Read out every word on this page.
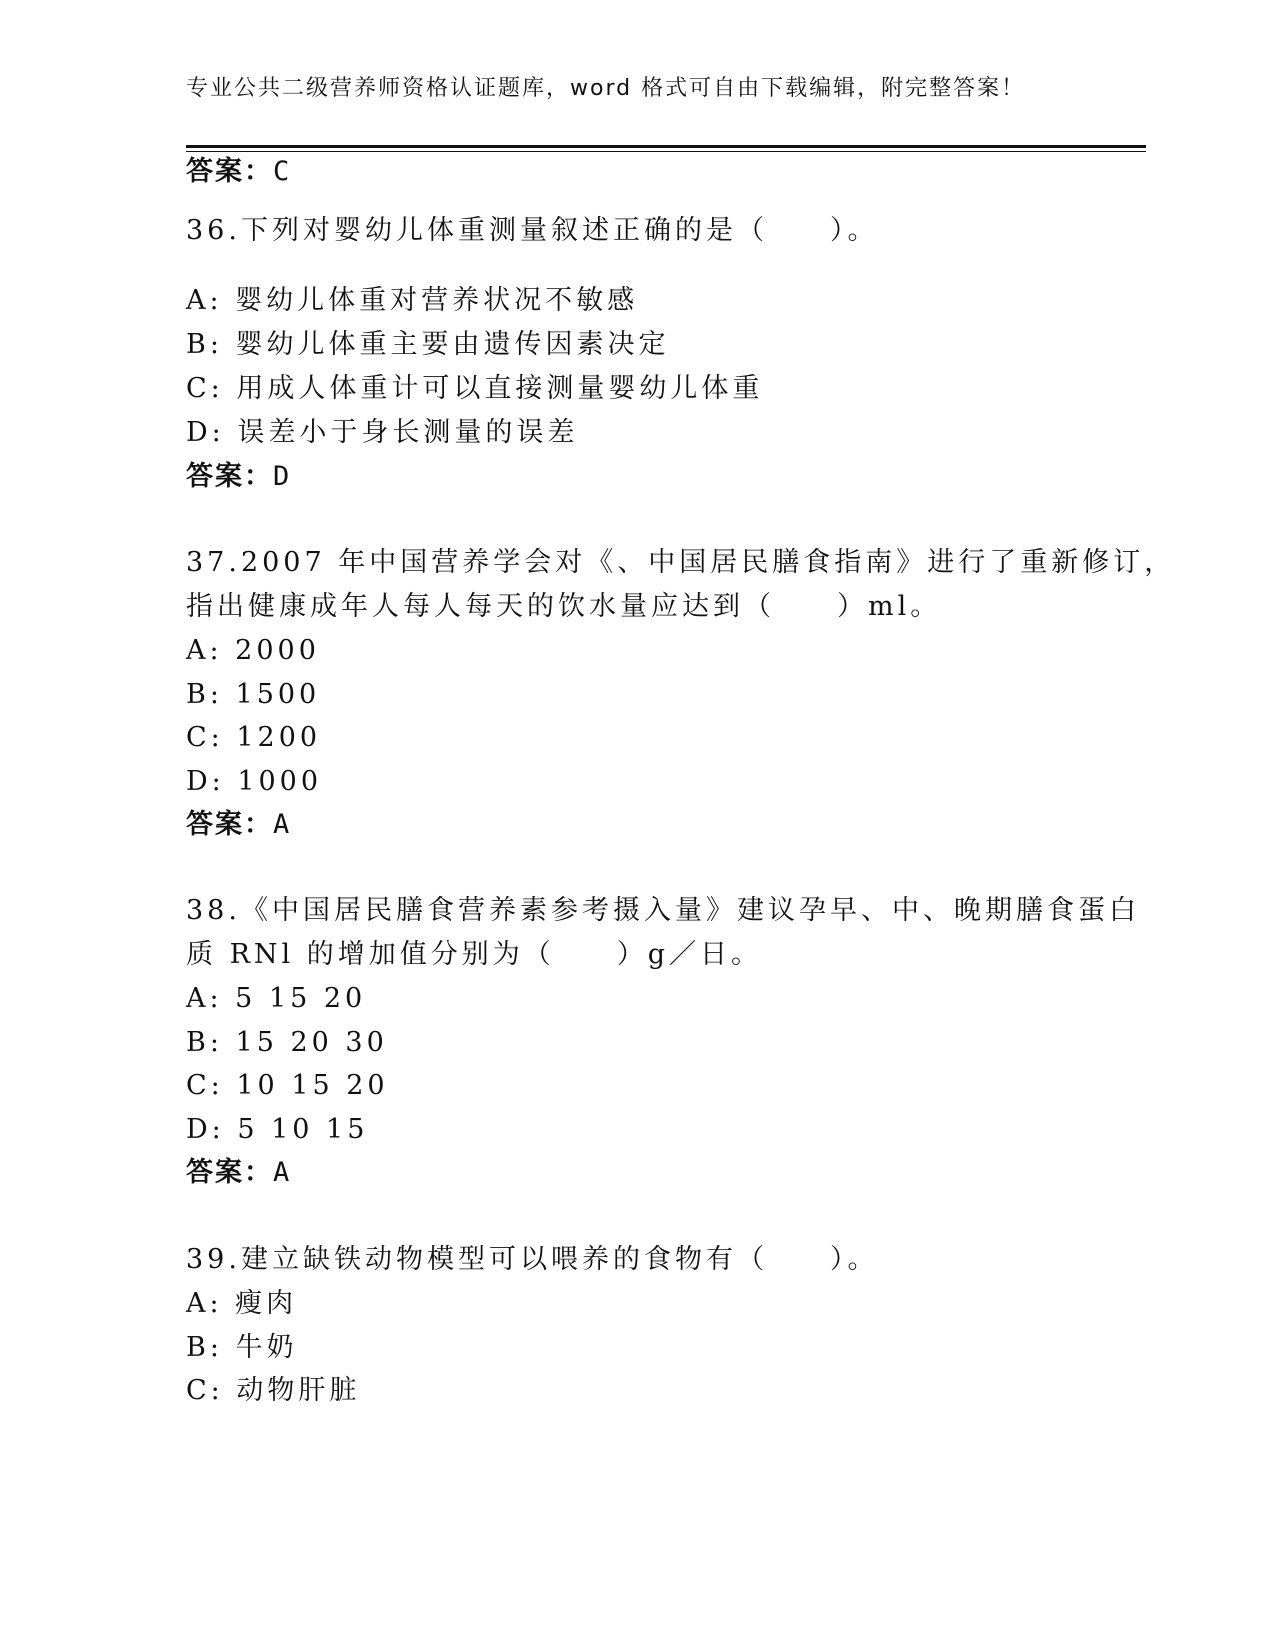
专业公共二级营养师资格认证题库，word 格式可自由下载编辑，附完整答案！
答案：C
36.下列对婴幼儿体重测量叙述正确的是（　　）。
A: 婴幼儿体重对营养状况不敏感
B: 婴幼儿体重主要由遗传因素决定
C: 用成人体重计可以直接测量婴幼儿体重
D: 误差小于身长测量的误差
答案：D
37.2007 年中国营养学会对《、中国居民膳食指南》进行了重新修订，
指出健康成年人每人每天的饮水量应达到（　　）ml。
A: 2000
B: 1500
C: 1200
D: 1000
答案：A
38.《中国居民膳食营养素参考摄入量》建议孕早、中、晚期膳食蛋白
质 RNl 的增加值分别为（　　）g／日。
A: 5 15 20
B: 15 20 30
C: 10 15 20
D: 5 10 15
答案：A
39.建立缺铁动物模型可以喂养的食物有（　　）。
A: 瘦肉
B: 牛奶
C: 动物肝脏
